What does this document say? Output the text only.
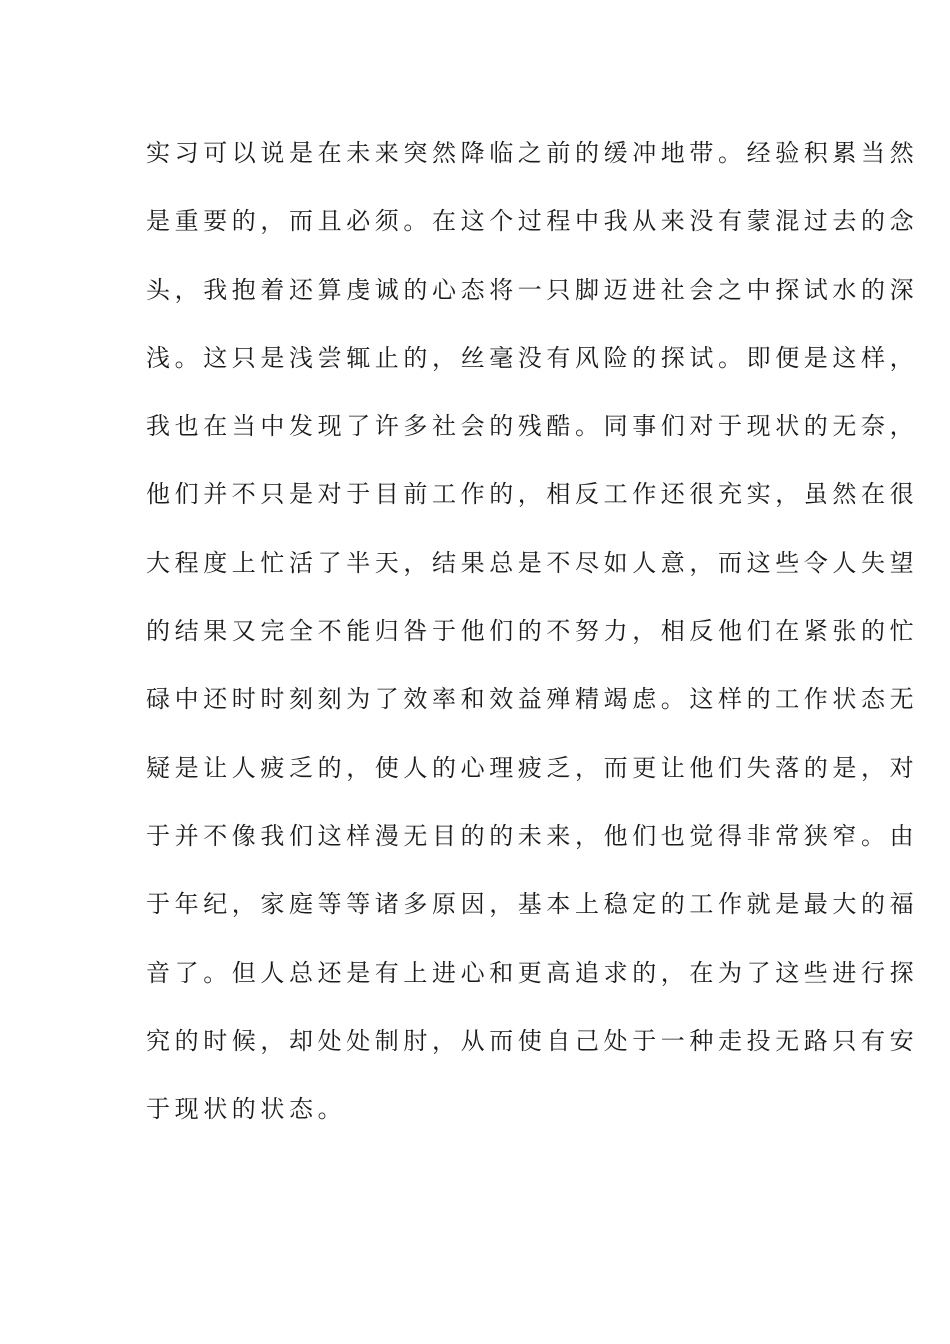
实习可以说是在未来突然降临之前的缓冲地带。经验积累当然
是重要的，而且必须。在这个过程中我从来没有蒙混过去的念
头，我抱着还算虔诚的心态将一只脚迈进社会之中探试水的深
浅。这只是浅尝辄止的，丝毫没有风险的探试。即便是这样，
我也在当中发现了许多社会的残酷。同事们对于现状的无奈，
他们并不只是对于目前工作的，相反工作还很充实，虽然在很
大程度上忙活了半天，结果总是不尽如人意，而这些令人失望
的结果又完全不能归咎于他们的不努力，相反他们在紧张的忙
碌中还时时刻刻为了效率和效益殚精竭虑。这样的工作状态无
疑是让人疲乏的，使人的心理疲乏，而更让他们失落的是，对
于并不像我们这样漫无目的的未来，他们也觉得非常狭窄。由
于年纪，家庭等等诸多原因，基本上稳定的工作就是最大的福
音了。但人总还是有上进心和更高追求的，在为了这些进行探
究的时候，却处处制肘，从而使自己处于一种走投无路只有安
于现状的状态。
